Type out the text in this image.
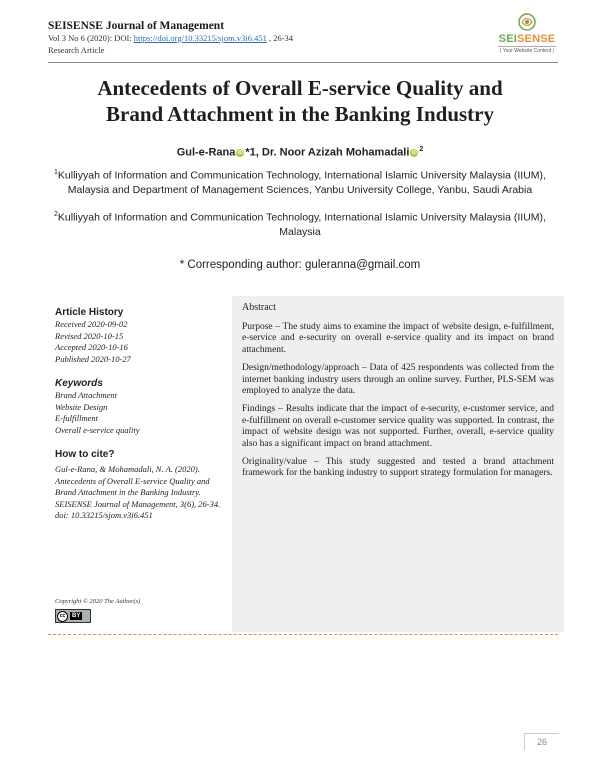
SEISENSE Journal of Management
Vol 3 No 6 (2020): DOI: https://doi.org/10.33215/sjom.v3i6.451 , 26-34
Research Article
SEISENSE
| Your Website Content |
Antecedents of Overall E-service Quality and
Brand Attachment in the Banking Industry
Gul-e-Rana iD *1, Dr. Noor Azizah Mohamadali iD $^2$
$^1$Kulliyyah of Information and Communication Technology, International Islamic University Malaysia (IIUM), Malaysia and Department of Management Sciences, Yanbu University College, Yanbu, Saudi Arabia
$^2$Kulliyyah of Information and Communication Technology, International Islamic University Malaysia (IIUM), Malaysia
* Corresponding author: guleranna@gmail.com
Article History
Received 2020-09-02
Revised 2020-10-15
Accepted 2020-10-16
Published 2020-10-27
Keywords
Brand Attachment
Website Design
E-fulfillment
Overall e-service quality
How to cite?
Gul-e-Rana, & Mohamadali, N. A. (2020). Antecedents of Overall E-service Quality and Brand Attachment in the Banking Industry. SEISENSE Journal of Management, 3(6), 26-34. doi: 10.33215/sjom.v3i6.451
Copyright © 2020 The Author(s)
cc	BY
Abstract

Purpose – The study aims to examine the impact of website design, e-fulfillment, e-service and e-security on overall e-service quality and its impact on brand attachment.

Design/methodology/approach – Data of 425 respondents was collected from the internet banking industry users through an online survey. Further, PLS-SEM was employed to analyze the data.

Findings – Results indicate that the impact of e-security, e-customer service, and e-fulfillment on overall e-customer service quality was supported. In contrast, the impact of website design was not supported. Further, overall, e-service quality also has a significant impact on brand attachment.

Originality/value – This study suggested and tested a brand attachment framework for the banking industry to support strategy formulation for managers.

26
